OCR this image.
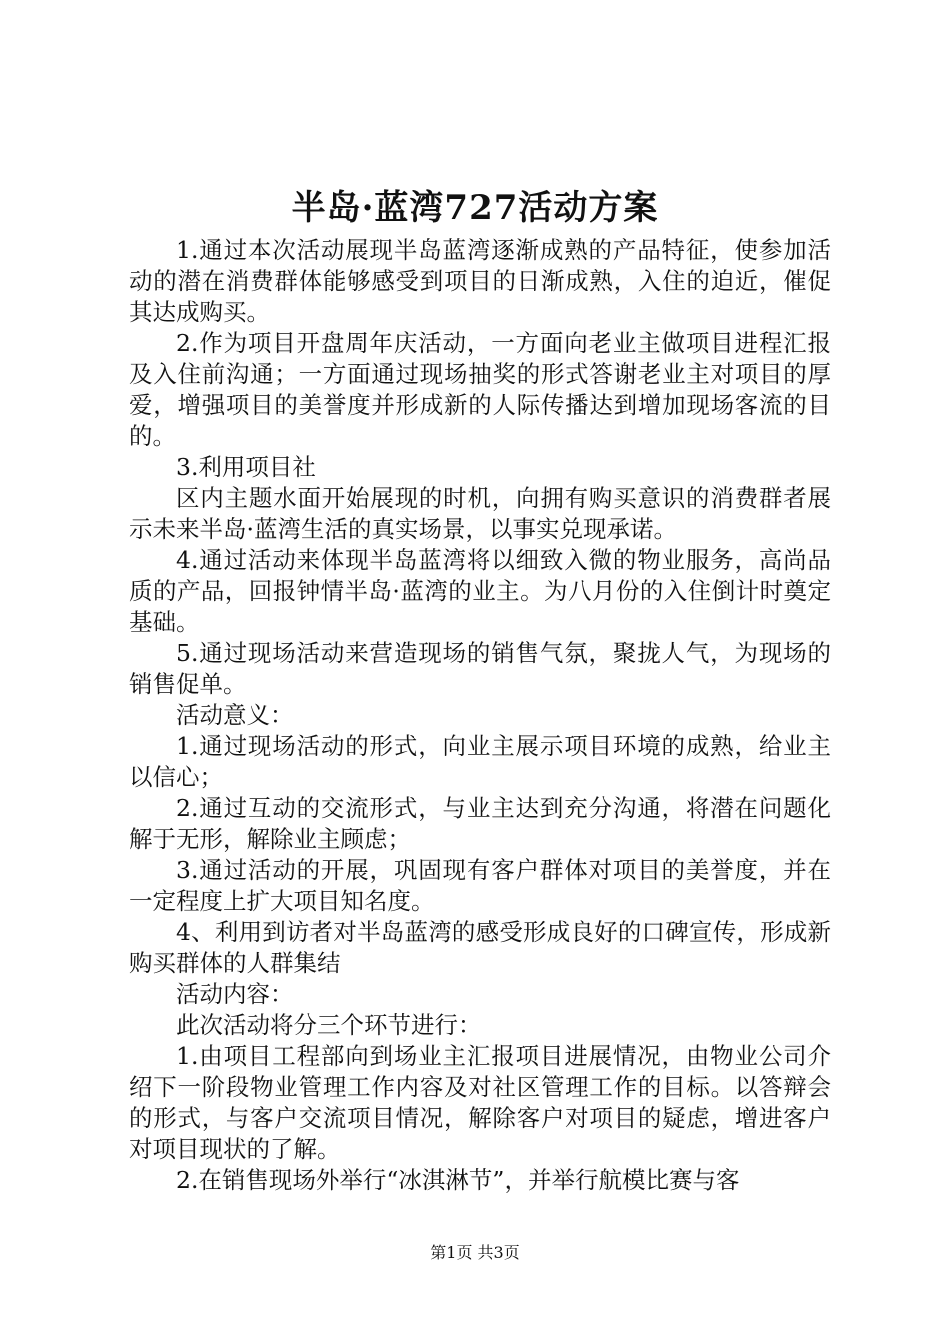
半岛·蓝湾727活动方案

1.通过本次活动展现半岛蓝湾逐渐成熟的产品特征，使参加活动的潜在消费群体能够感受到项目的日渐成熟，入住的迫近，催促其达成购买。

2.作为项目开盘周年庆活动，一方面向老业主做项目进程汇报及入住前沟通；一方面通过现场抽奖的形式答谢老业主对项目的厚爱，增强项目的美誉度并形成新的人际传播达到增加现场客流的目的。

3.利用项目社

区内主题水面开始展现的时机，向拥有购买意识的消费群者展示未来半岛·蓝湾生活的真实场景，以事实兑现承诺。

4.通过活动来体现半岛蓝湾将以细致入微的物业服务，高尚品质的产品，回报钟情半岛·蓝湾的业主。为八月份的入住倒计时奠定基础。

5.通过现场活动来营造现场的销售气氛，聚拢人气，为现场的销售促单。

活动意义：

1.通过现场活动的形式，向业主展示项目环境的成熟，给业主以信心；

2.通过互动的交流形式，与业主达到充分沟通，将潜在问题化解于无形，解除业主顾虑；

3.通过活动的开展，巩固现有客户群体对项目的美誉度，并在一定程度上扩大项目知名度。

4、利用到访者对半岛蓝湾的感受形成良好的口碑宣传，形成新购买群体的人群集结

活动内容：

此次活动将分三个环节进行：

1.由项目工程部向到场业主汇报项目进展情况，由物业公司介绍下一阶段物业管理工作内容及对社区管理工作的目标。以答辩会的形式，与客户交流项目情况，解除客户对项目的疑虑，增进客户对项目现状的了解。

2.在销售现场外举行“冰淇淋节”，并举行航模比赛与客

第1页 共3页
